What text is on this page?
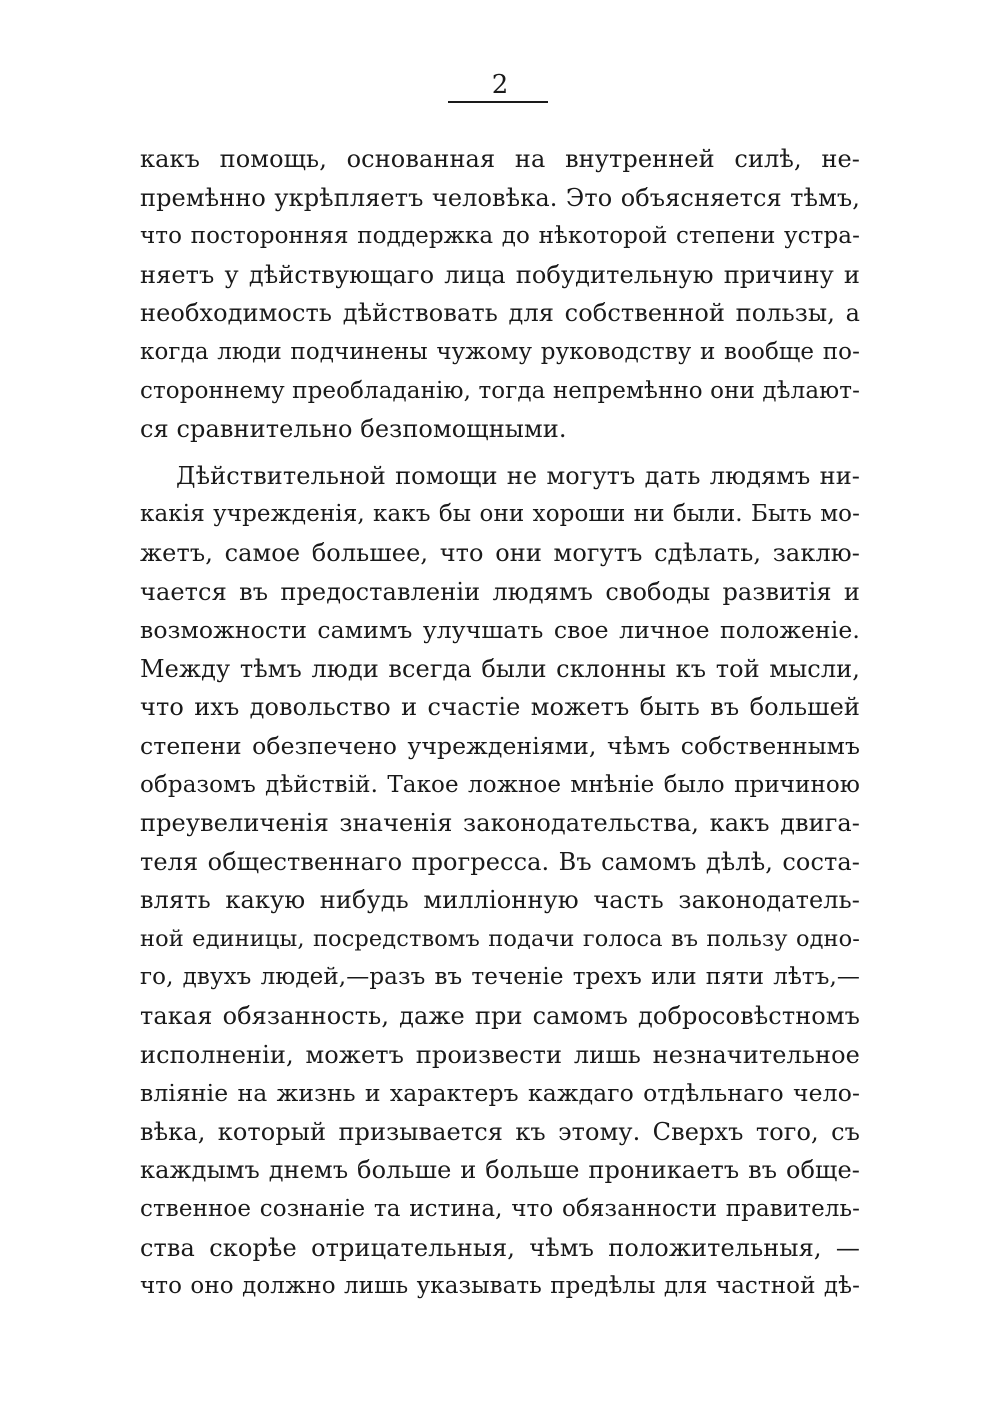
2
какъ помощь, основанная на внутренней силѣ, не-
премѣнно укрѣпляетъ человѣка. Это объясняется тѣмъ,
что посторонняя поддержка до нѣкоторой степени устра-
няетъ у дѣйствующаго лица побудительную причину и
необходимость дѣйствовать для собственной пользы, а
когда люди подчинены чужому руководству и вообще по-
стороннему преобладанію, тогда непремѣнно они дѣлают-
ся сравнительно безпомощными.
Дѣйствительной помощи не могутъ дать людямъ ни-
какія учрежденія, какъ бы они хороши ни были. Быть мо-
жетъ, самое большее, что они могутъ сдѣлать, заклю-
чается въ предоставленіи людямъ свободы развитія и
возможности самимъ улучшать свое личное положеніе.
Между тѣмъ люди всегда были склонны къ той мысли,
что ихъ довольство и счастіе можетъ быть въ большей
степени обезпечено учрежденіями, чѣмъ собственнымъ
образомъ дѣйствій. Такое ложное мнѣніе было причиною
преувеличенія значенія законодательства, какъ двига-
теля общественнаго прогресса. Въ самомъ дѣлѣ, соста-
влять какую нибудь милліонную часть законодатель-
ной единицы, посредствомъ подачи голоса въ пользу одно-
го, двухъ людей,—разъ въ теченіе трехъ или пяти лѣтъ,—
такая обязанность, даже при самомъ добросовѣстномъ
исполненіи, можетъ произвести лишь незначительное
вліяніе на жизнь и характеръ каждаго отдѣльнаго чело-
вѣка, который призывается къ этому. Сверхъ того, съ
каждымъ днемъ больше и больше проникаетъ въ обще-
ственное сознаніе та истина, что обязанности правитель-
ства скорѣе отрицательныя, чѣмъ положительныя, —
что оно должно лишь указывать предѣлы для частной дѣ-
